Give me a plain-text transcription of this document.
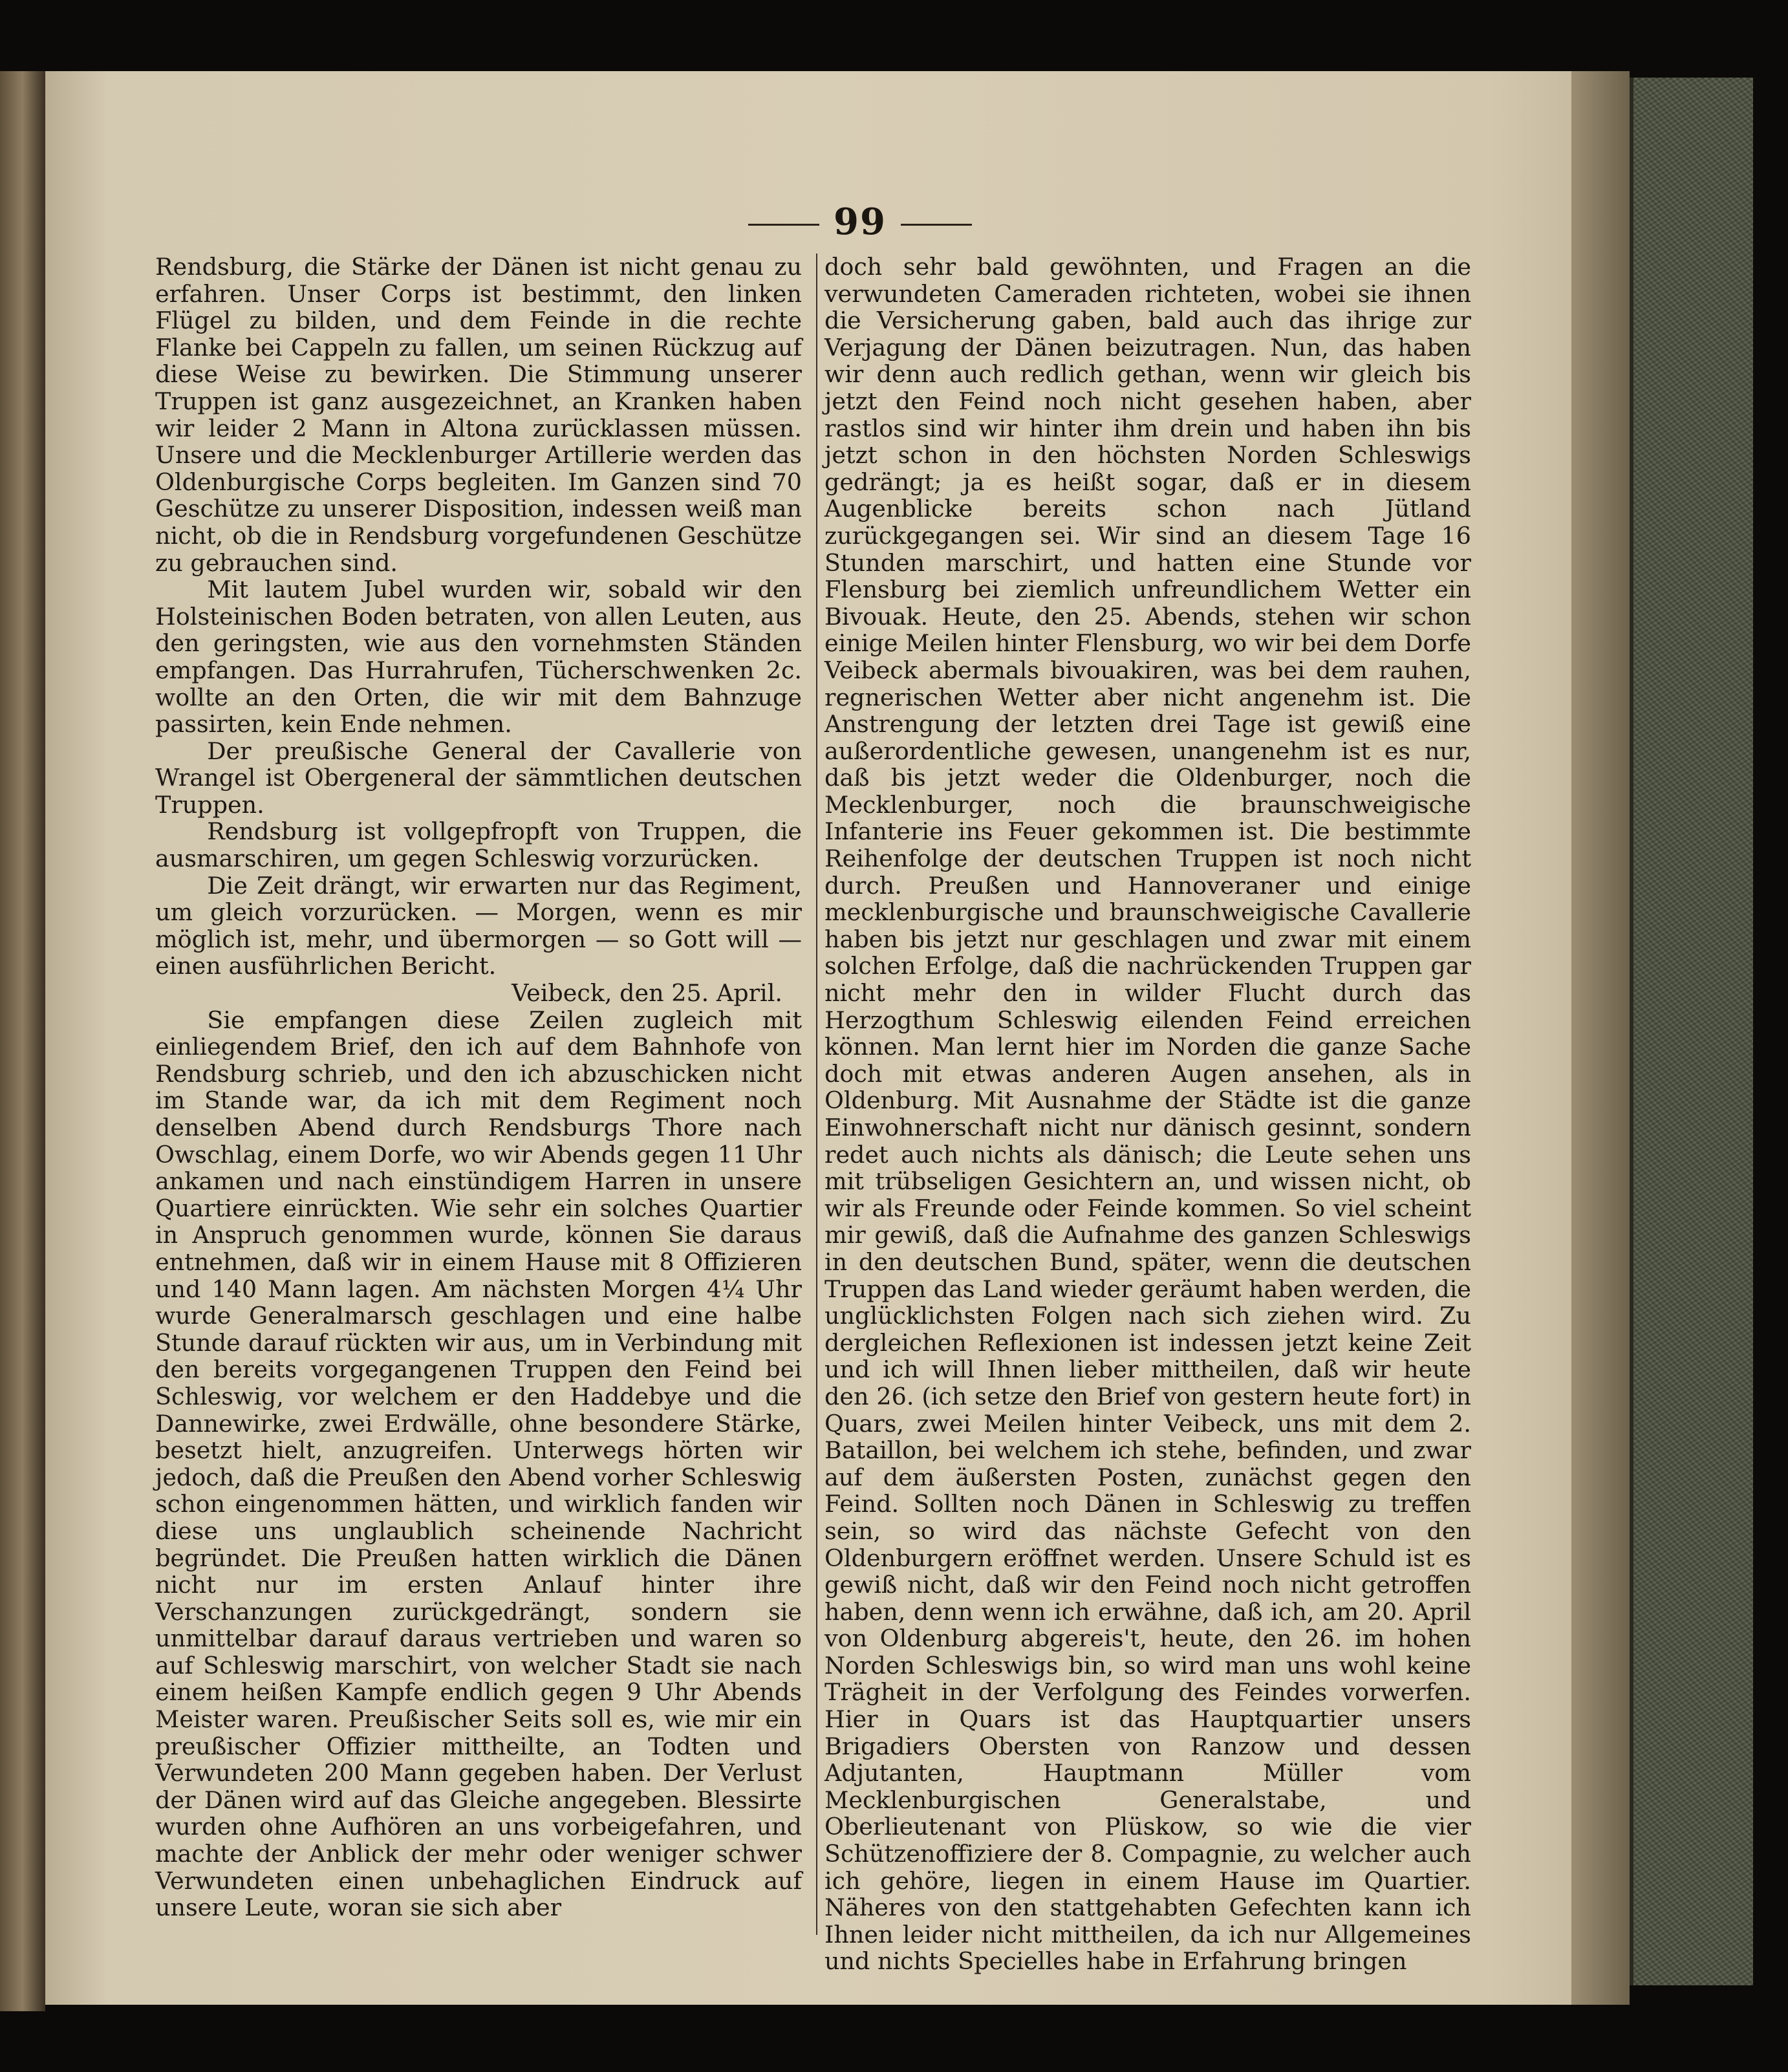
99

Rendsburg, die Stärke der Dänen ist nicht genau zu erfahren. Unser Corps ist bestimmt, den linken Flügel zu bilden, und dem Feinde in die rechte Flanke bei Cappeln zu fallen, um seinen Rückzug auf diese Weise zu bewirken. Die Stimmung unserer Truppen ist ganz ausgezeichnet, an Kranken haben wir leider 2 Mann in Altona zurücklassen müssen. Unsere und die Mecklenburger Artillerie werden das Oldenburgische Corps begleiten. Im Ganzen sind 70 Geschütze zu unserer Disposition, indessen weiß man nicht, ob die in Rendsburg vorgefundenen Geschütze zu gebrauchen sind.

Mit lautem Jubel wurden wir, sobald wir den Holsteinischen Boden betraten, von allen Leuten, aus den geringsten, wie aus den vornehmsten Ständen empfangen. Das Hurrahrufen, Tücherschwenken 2c. wollte an den Orten, die wir mit dem Bahnzuge passirten, kein Ende nehmen.

Der preußische General der Cavallerie von Wrangel ist Obergeneral der sämmtlichen deutschen Truppen.

Rendsburg ist vollgepfropft von Truppen, die ausmarschiren, um gegen Schleswig vorzurücken.

Die Zeit drängt, wir erwarten nur das Regiment, um gleich vorzurücken. — Morgen, wenn es mir möglich ist, mehr, und übermorgen — so Gott will — einen ausführlichen Bericht.

Veibeck, den 25. April.

Sie empfangen diese Zeilen zugleich mit einliegendem Brief, den ich auf dem Bahnhofe von Rendsburg schrieb, und den ich abzuschicken nicht im Stande war, da ich mit dem Regiment noch denselben Abend durch Rendsburgs Thore nach Owschlag, einem Dorfe, wo wir Abends gegen 11 Uhr ankamen und nach einstündigem Harren in unsere Quartiere einrückten. Wie sehr ein solches Quartier in Anspruch genommen wurde, können Sie daraus entnehmen, daß wir in einem Hause mit 8 Offizieren und 140 Mann lagen. Am nächsten Morgen 4¼ Uhr wurde Generalmarsch geschlagen und eine halbe Stunde darauf rückten wir aus, um in Verbindung mit den bereits vorgegangenen Truppen den Feind bei Schleswig, vor welchem er den Haddebye und die Dannewirke, zwei Erdwälle, ohne besondere Stärke, besetzt hielt, anzugreifen. Unterwegs hörten wir jedoch, daß die Preußen den Abend vorher Schleswig schon eingenommen hätten, und wirklich fanden wir diese uns unglaublich scheinende Nachricht begründet. Die Preußen hatten wirklich die Dänen nicht nur im ersten Anlauf hinter ihre Verschanzungen zurückgedrängt, sondern sie unmittelbar darauf daraus vertrieben und waren so auf Schleswig marschirt, von welcher Stadt sie nach einem heißen Kampfe endlich gegen 9 Uhr Abends Meister waren. Preußischer Seits soll es, wie mir ein preußischer Offizier mittheilte, an Todten und Verwundeten 200 Mann gegeben haben. Der Verlust der Dänen wird auf das Gleiche angegeben. Blessirte wurden ohne Aufhören an uns vorbeigefahren, und machte der Anblick der mehr oder weniger schwer Verwundeten einen unbehaglichen Eindruck auf unsere Leute, woran sie sich aber

doch sehr bald gewöhnten, und Fragen an die verwundeten Cameraden richteten, wobei sie ihnen die Versicherung gaben, bald auch das ihrige zur Verjagung der Dänen beizutragen. Nun, das haben wir denn auch redlich gethan, wenn wir gleich bis jetzt den Feind noch nicht gesehen haben, aber rastlos sind wir hinter ihm drein und haben ihn bis jetzt schon in den höchsten Norden Schleswigs gedrängt; ja es heißt sogar, daß er in diesem Augenblicke bereits schon nach Jütland zurückgegangen sei. Wir sind an diesem Tage 16 Stunden marschirt, und hatten eine Stunde vor Flensburg bei ziemlich unfreundlichem Wetter ein Bivouak. Heute, den 25. Abends, stehen wir schon einige Meilen hinter Flensburg, wo wir bei dem Dorfe Veibeck abermals bivouakiren, was bei dem rauhen, regnerischen Wetter aber nicht angenehm ist. Die Anstrengung der letzten drei Tage ist gewiß eine außerordentliche gewesen, unangenehm ist es nur, daß bis jetzt weder die Oldenburger, noch die Mecklenburger, noch die braunschweigische Infanterie ins Feuer gekommen ist. Die bestimmte Reihenfolge der deutschen Truppen ist noch nicht durch. Preußen und Hannoveraner und einige mecklenburgische und braunschweigische Cavallerie haben bis jetzt nur geschlagen und zwar mit einem solchen Erfolge, daß die nachrückenden Truppen gar nicht mehr den in wilder Flucht durch das Herzogthum Schleswig eilenden Feind erreichen können. Man lernt hier im Norden die ganze Sache doch mit etwas anderen Augen ansehen, als in Oldenburg. Mit Ausnahme der Städte ist die ganze Einwohnerschaft nicht nur dänisch gesinnt, sondern redet auch nichts als dänisch; die Leute sehen uns mit trübseligen Gesichtern an, und wissen nicht, ob wir als Freunde oder Feinde kommen. So viel scheint mir gewiß, daß die Aufnahme des ganzen Schleswigs in den deutschen Bund, später, wenn die deutschen Truppen das Land wieder geräumt haben werden, die unglücklichsten Folgen nach sich ziehen wird. Zu dergleichen Reflexionen ist indessen jetzt keine Zeit und ich will Ihnen lieber mittheilen, daß wir heute den 26. (ich setze den Brief von gestern heute fort) in Quars, zwei Meilen hinter Veibeck, uns mit dem 2. Bataillon, bei welchem ich stehe, befinden, und zwar auf dem äußersten Posten, zunächst gegen den Feind. Sollten noch Dänen in Schleswig zu treffen sein, so wird das nächste Gefecht von den Oldenburgern eröffnet werden. Unsere Schuld ist es gewiß nicht, daß wir den Feind noch nicht getroffen haben, denn wenn ich erwähne, daß ich, am 20. April von Oldenburg abgereis't, heute, den 26. im hohen Norden Schleswigs bin, so wird man uns wohl keine Trägheit in der Verfolgung des Feindes vorwerfen. Hier in Quars ist das Hauptquartier unsers Brigadiers Obersten von Ranzow und dessen Adjutanten, Hauptmann Müller vom Mecklenburgischen Generalstabe, und Oberlieutenant von Plüskow, so wie die vier Schützenoffiziere der 8. Compagnie, zu welcher auch ich gehöre, liegen in einem Hause im Quartier. Näheres von den stattgehabten Gefechten kann ich Ihnen leider nicht mittheilen, da ich nur Allgemeines und nichts Specielles habe in Erfahrung bringen
